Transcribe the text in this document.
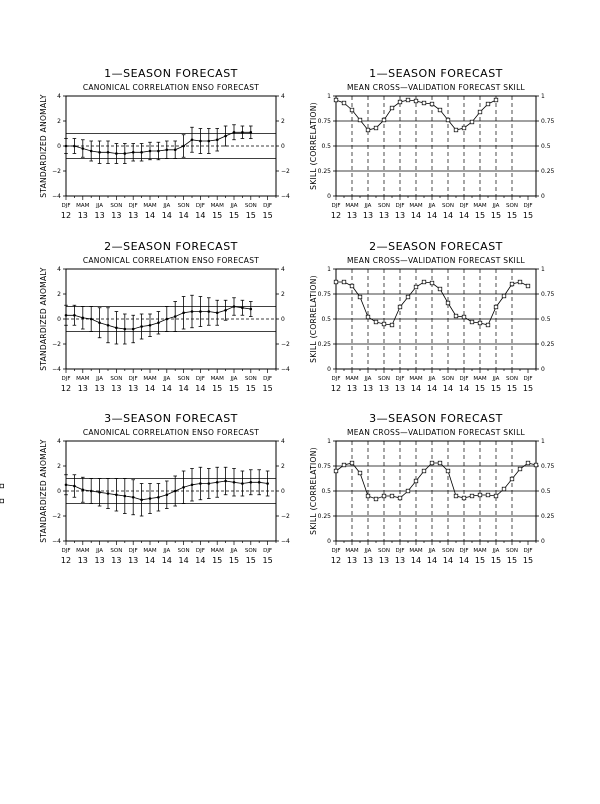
1—SEASON FORECAST
CANONICAL CORRELATION ENSO FORECAST
STANDARDIZED ANOMALY 4
2
0
−2
−4
4
2
0
−2
−4
DJF MAM JJA SON DJF MAM JJA SON DJF MAM JJA SON DJF
12 13 13 13 13 14 14 14 14 15 15 15 15
1—SEASON FORECAST
MEAN CROSS—VALIDATION FORECAST SKILL
SKILL (CORRELATION)
1
0.75
0.5
0.25
0
1
0.75
0.5
0.25
0
DJF MAM JJA SON DJF MAM JJA SON DJF MAM JJA SON DJF
12 13 13 13 13 14 14 14 14 15 15 15 15
2—SEASON FORECAST
CANONICAL CORRELATION ENSO FORECAST
STANDARDIZED ANOMALY 4
2
0
−2
−4
4
2
0
−2
−4
DJF MAM JJA SON DJF MAM JJA SON DJF MAM JJA SON DJF
12 13 13 13 13 14 14 14 14 15 15 15 15
2—SEASON FORECAST
MEAN CROSS—VALIDATION FORECAST SKILL
SKILL (CORRELATION)
1
0.75
0.5
0.25
0
1
0.75
0.5
0.25
0
DJF MAM JJA SON DJF MAM JJA SON DJF MAM JJA SON DJF
12 13 13 13 13 14 14 14 14 15 15 15 15
3—SEASON FORECAST
CANONICAL CORRELATION ENSO FORECAST
STANDARDIZED ANOMALY 4
2
0
−2
−4
4
2
0
−2
−4
DJF MAM JJA SON DJF MAM JJA SON DJF MAM JJA SON DJF
12 13 13 13 13 14 14 14 14 15 15 15 15
3—SEASON FORECAST
MEAN CROSS—VALIDATION FORECAST SKILL
SKILL (CORRELATION)
1
0.75
0.5
0.25
0
1
0.75
0.5
0.25
0
DJF MAM JJA SON DJF MAM JJA SON DJF MAM JJA SON DJF
12 13 13 13 13 14 14 14 14 15 15 15 15
